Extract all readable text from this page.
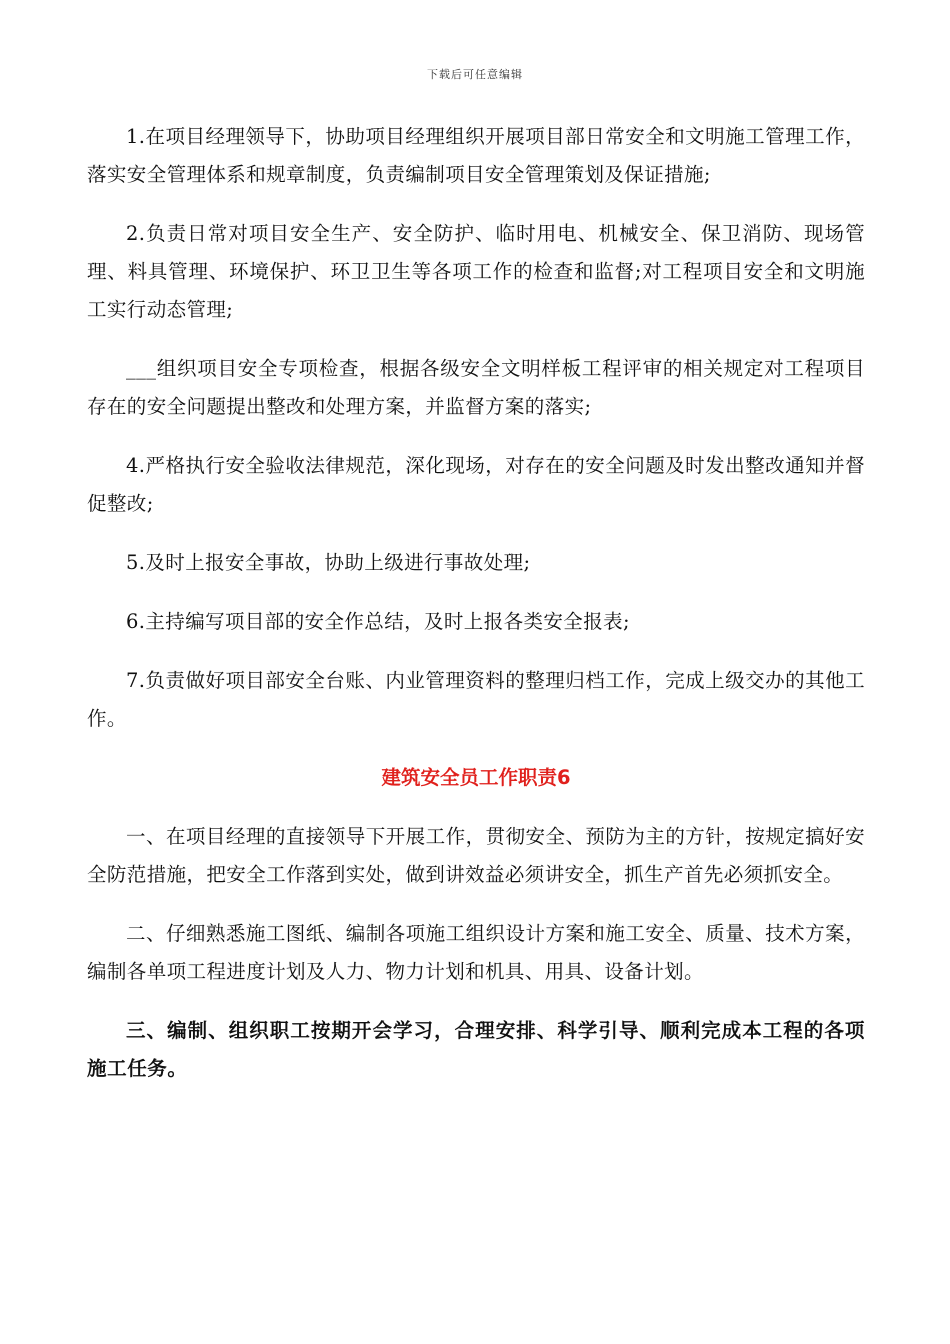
下载后可任意编辑

1.在项目经理领导下，协助项目经理组织开展项目部日常安全和文明施工管理工作，落实安全管理体系和规章制度，负责编制项目安全管理策划及保证措施;

2.负责日常对项目安全生产、安全防护、临时用电、机械安全、保卫消防、现场管理、料具管理、环境保护、环卫卫生等各项工作的检查和监督;对工程项目安全和文明施工实行动态管理;

___组织项目安全专项检查，根据各级安全文明样板工程评审的相关规定对工程项目存在的安全问题提出整改和处理方案，并监督方案的落实;

4.严格执行安全验收法律规范，深化现场，对存在的安全问题及时发出整改通知并督促整改;

5.及时上报安全事故，协助上级进行事故处理;

6.主持编写项目部的安全作总结，及时上报各类安全报表;

7.负责做好项目部安全台账、内业管理资料的整理归档工作，完成上级交办的其他工作。

建筑安全员工作职责6

一、在项目经理的直接领导下开展工作，贯彻安全、预防为主的方针，按规定搞好安全防范措施，把安全工作落到实处，做到讲效益必须讲安全，抓生产首先必须抓安全。

二、仔细熟悉施工图纸、编制各项施工组织设计方案和施工安全、质量、技术方案，编制各单项工程进度计划及人力、物力计划和机具、用具、设备计划。

三、编制、组织职工按期开会学习，合理安排、科学引导、顺利完成本工程的各项施工任务。
